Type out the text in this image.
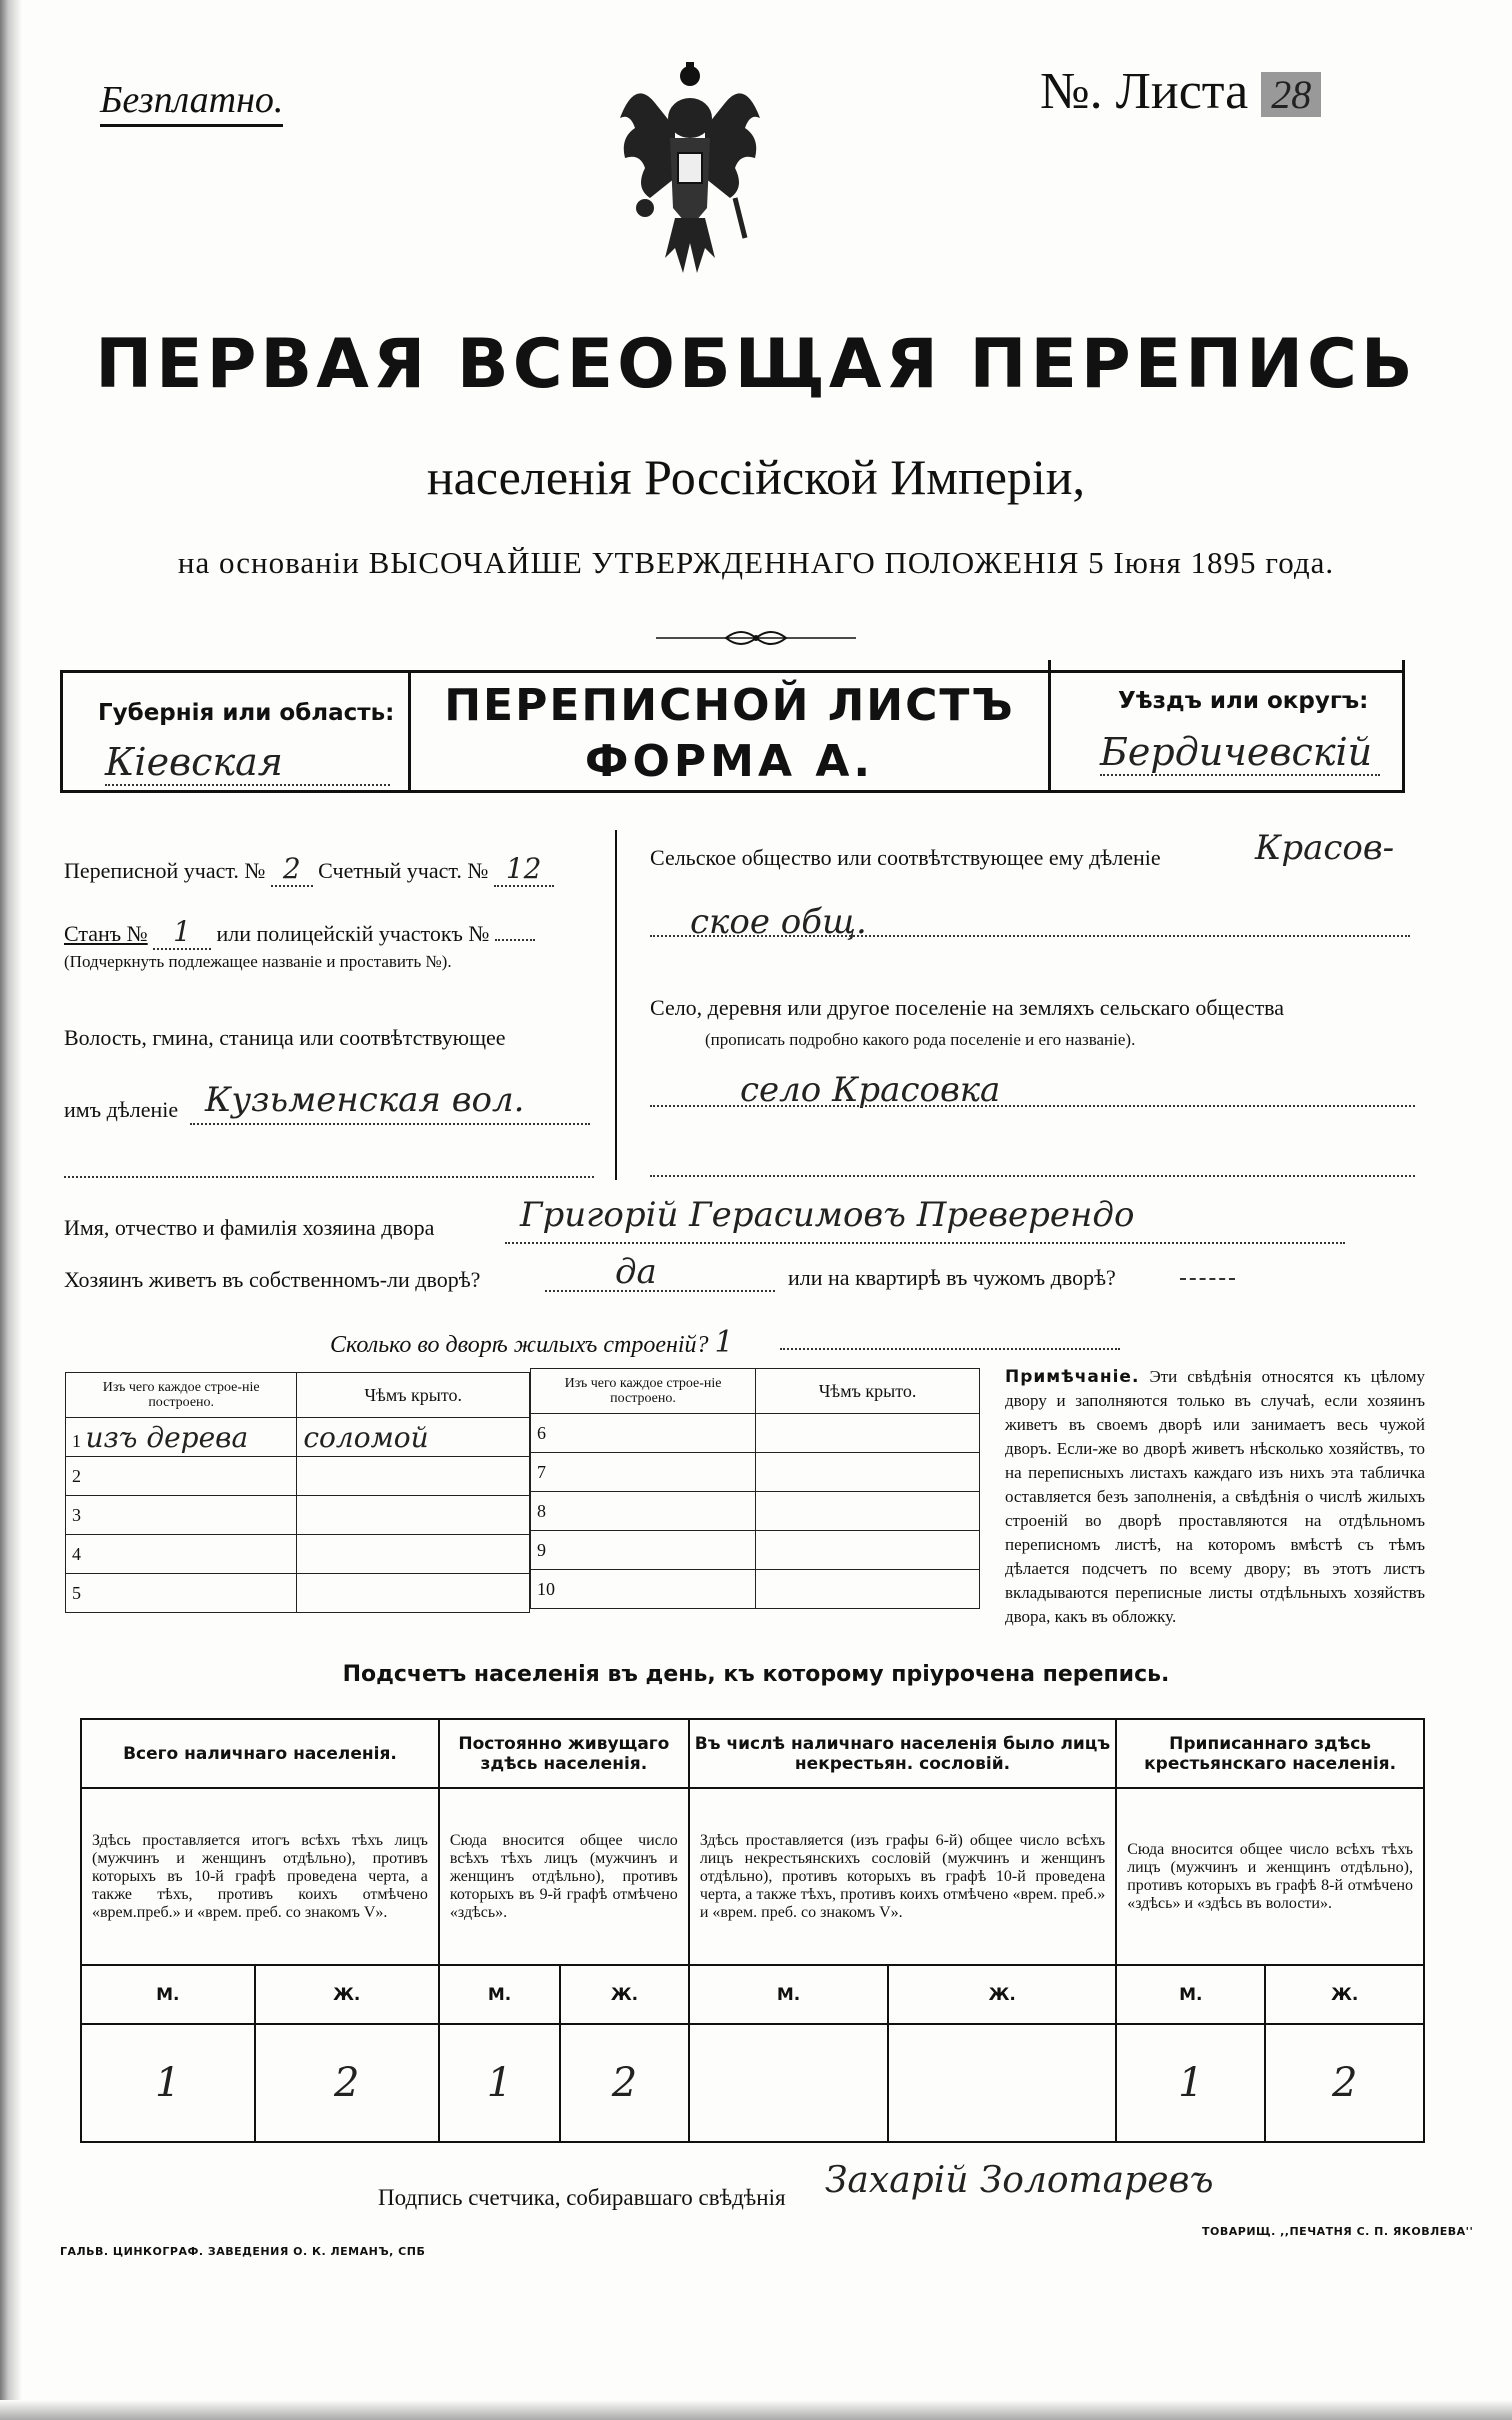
Безплатно.	№. Листа 28
ПЕРВАЯ ВСЕОБЩАЯ ПЕРЕПИСЬ
населенія Россійской Имперіи,
на основаніи ВЫСОЧАЙШЕ УТВЕРЖДЕННАГО ПОЛОЖЕНІЯ 5 Іюня 1895 года.
Губернія или область:
Кіевская
ПЕРЕПИСНОЙ ЛИСТЪ
ФОРМА А.
Уѣздъ или округъ:
Бердичевскій
Переписной участ. № 2 Счетный участ. № 12
Станъ № 1 или полицейскій участокъ №
(Подчеркнуть подлежащее названіе и проставить №).
Волость, гмина, станица или соотвѣтствующее
имъ дѣленіе Кузьменская вол.
Сельское общество или соотвѣтствующее ему дѣленіе	Красов-
ское общ.
Село, деревня или другое поселеніе на земляхъ сельскаго общества
(прописать подробно какого рода поселеніе и его названіе).
село Красовка
Имя, отчество и фамилія хозяина двора	Григорій Герасимовъ Преверендо
Хозяинъ живетъ въ собственномъ-ли дворѣ?	да	или на квартирѣ въ чужомъ дворѣ?
Сколько во дворѣ жилыхъ строеній? 1
Изъ чего каждое строе-ніе построено.	Чѣмъ крыто.
1 изъ дерева	соломой
2	
3	
4	
5	
Изъ чего каждое строе-ніе построено.	Чѣмъ крыто.
6	
7	
8	
9	
10	
Примѣчаніе. Эти свѣдѣнія относятся къ цѣлому двору и заполняются только въ случаѣ, если хозяинъ живетъ въ своемъ дворѣ или занимаетъ весь чужой дворъ. Если-же во дворѣ живетъ нѣсколько хозяйствъ, то на переписныхъ листахъ каждаго изъ нихъ эта табличка оставляется безъ заполненія, а свѣдѣнія о числѣ жилыхъ строеній во дворѣ проставляются на отдѣльномъ переписномъ листѣ, на которомъ вмѣстѣ съ тѣмъ дѣлается подсчетъ по всему двору; въ этотъ листъ вкладываются переписные листы отдѣльныхъ хозяйствъ двора, какъ въ обложку.
Подсчетъ населенія въ день, къ которому пріурочена перепись.
Всего наличнаго населенія.		Постоянно живущаго здѣсь населенія.		Въ числѣ наличнаго населенія было лицъ некрестьян. сословій.		Приписаннаго здѣсь крестьянскаго населенія.	
Здѣсь проставляется итогъ всѣхъ тѣхъ лицъ (мужчинъ и женщинъ отдѣльно), противъ которыхъ въ 10-й графѣ проведена черта, а также тѣхъ, противъ коихъ отмѣчено «врем.преб.» и «врем. преб. со знакомъ V».		Сюда вносится общее число всѣхъ тѣхъ лицъ (мужчинъ и женщинъ отдѣльно), противъ которыхъ въ 9-й графѣ отмѣчено «здѣсь».		Здѣсь проставляется (изъ графы 6-й) общее число всѣхъ лицъ некрестьянскихъ сословій (мужчинъ и женщинъ отдѣльно), противъ которыхъ въ графѣ 10-й проведена черта, а также тѣхъ, противъ коихъ отмѣчено «врем. преб.» и «врем. преб. со знакомъ V».		Сюда вносится общее число всѣхъ тѣхъ лицъ (мужчинъ и женщинъ отдѣльно), противъ которыхъ въ графѣ 8-й отмѣчено «здѣсь» и «здѣсь въ волости».	
М.	Ж.	М.	Ж.	М.	Ж.	М.	Ж.
1	2	1	2			1	2
Подпись счетчика, собиравшаго свѣдѣнія Захарій Золотаревъ
ГАЛЬВ. ЦИНКОГРАФ. ЗАВЕДЕНИЯ О. К. ЛЕМАНЪ, СПБ
ТОВАРИЩ. ,,ПЕЧАТНЯ С. П. ЯКОВЛЕВА''
